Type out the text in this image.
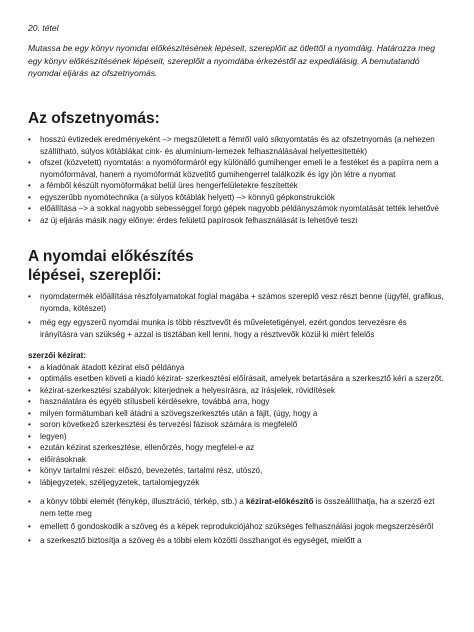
20. tétel
Mutassa be egy könyv nyomdai előkészítésének lépéseit, szereplőit az ötlettől a nyomdáig. Határozza meg egy könyv előkészítésének lépéseit, szereplőit a nyomdába érkezéstől az expediálásig. A bemutatandó nyomdai eljárás az ofszetnyomás.
Az ofszetnyomás:
• hosszú évtizedek eredményeként –> megszületett a fémről való síknyomtatás és az ofszetnyomás (a nehezen szállítható, súlyos kőtáblákat cink- és alumínium-lemezek felhasználásával helyettesítették)
• ofszet (közvetett) nyomtatás: a nyomóformáról egy különálló gumihenger emeli le a festéket és a papírra nem a nyomóformával, hanem a nyomóformát közvetítő gumihengerrel találkozik és így jön létre a nyomat
• a fémből készült nyomóformákat belül üres hengerfelületekre feszítették
• egyszerűbb nyomótechnika (a súlyos kőtáblák helyett) –> könnyű gépkonstrukciók
• előállítása –> a sokkal nagyobb sebességgel forgó gépek nagyobb példányszámok nyomtatását tették lehetővé
• az új eljárás másik nagy előnye: érdes felületű papírosok felhasználását is lehetővé teszi
A nyomdai előkészítés
lépései, szereplői:
• nyomdatermék előállítása részfolyamatokat foglal magába + számos szereplő vesz részt benne (ügyfél, grafikus, nyomda, kötészet)
• még egy egyszerű nyomdai munka is több résztvevőt és műveletetigényel, ezért gondos tervezésre és irányításra van szükség + azzal is tisztában kell lenni, hogy a résztvevők közül ki miért felelős
szerzői kézirat:
• a kiadónak átadott kézirat első példánya
• optimális esetben követi a kiadó kézirat- szerkesztési előírásait, amelyek betartására a szerkesztő kéri a szerzőt.
• kézirat-szerkesztési szabályok: kiterjednek a helyesírásra, az írásjelek, rövidítések
• használatára és egyéb stílusbeli kérdésekre, továbbá arra, hogy
• milyen formátumban kell átadni a szövegszerkesztés után a fájlt, (úgy, hogy a
• soron következő szerkesztési és tervezési fázisok számára is megfelelő
• legyen)
• ezután kézirat szerkesztése, ellenőrzés, hogy megfelel-e az
• előírásoknak
• könyv tartalmi részei: előszó, bevezetés, tartalmi rész, utószó,
• lábjegyzetek, széljegyzetek, tartalomjegyzék
• a könyv többi elemét (fénykép, illusztráció, térkép, stb.) a kézirat-előkészítő is összeállíthatja, ha a szerző ezt nem tette meg
• emellett ő gondoskodik a szöveg és a képek reprodukciójához szükséges felhasználási jogok megszerzéséről
• a szerkesztő biztosítja a szöveg és a többi elem közötti összhangot és egységet, mielőtt a
